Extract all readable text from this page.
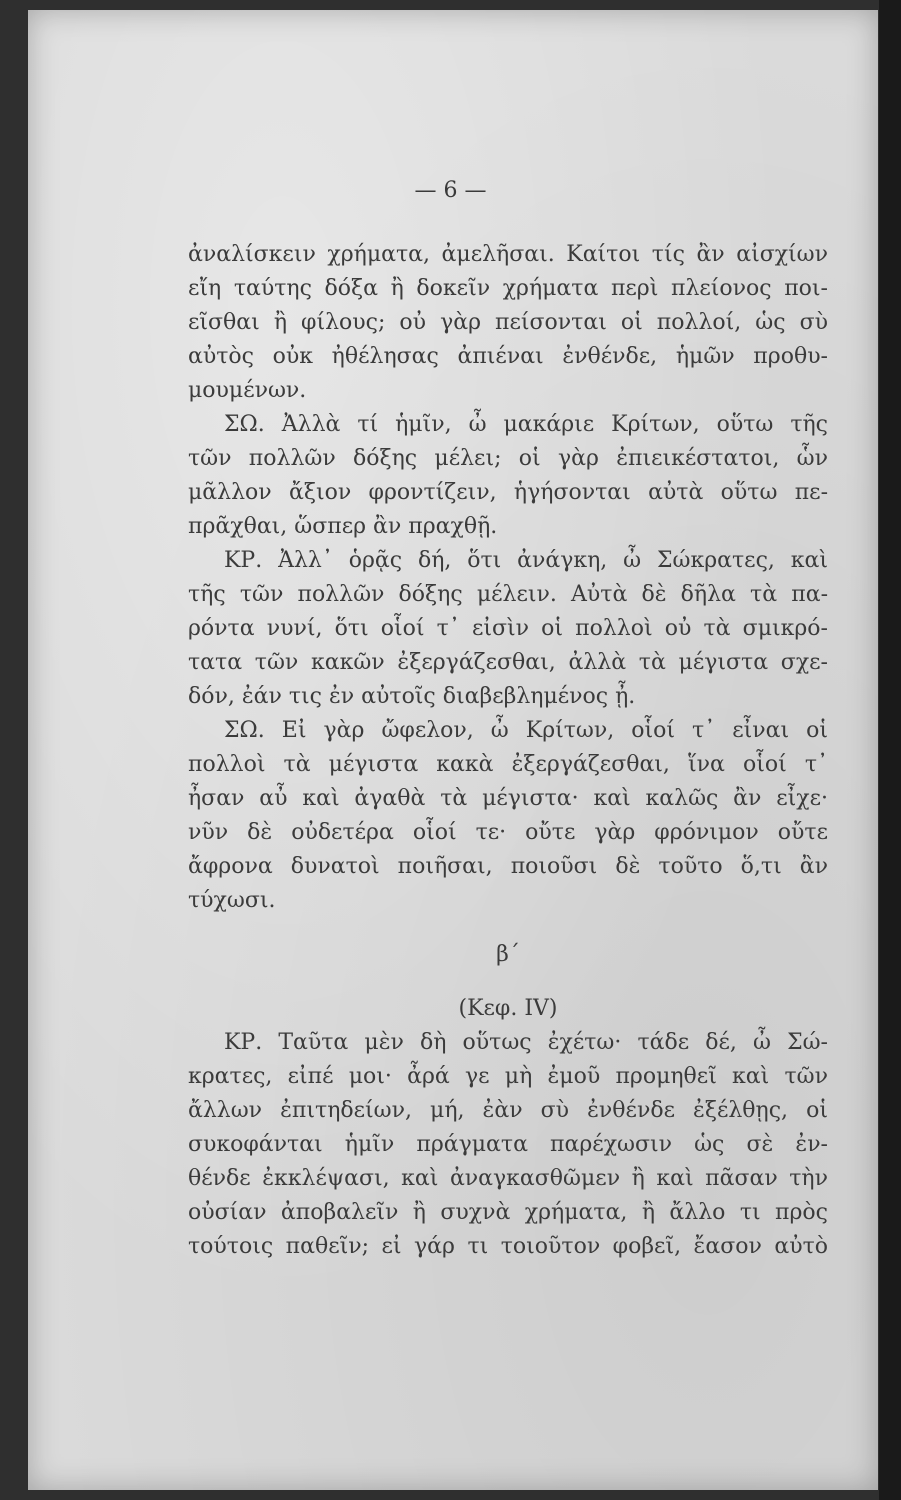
— 6 —
ἀναλίσκειν χρήματα, ἀμελῆσαι. Καίτοι τίς ἂν αἰσχίων
εἴη ταύτης δόξα ἢ δοκεῖν χρήματα περὶ πλείονος ποι-
εῖσθαι ἢ φίλους; οὐ γὰρ πείσονται οἱ πολλοί, ὡς σὺ
αὐτὸς οὐκ ἠθέλησας ἀπιέναι ἐνθένδε, ἡμῶν προθυ-
μουμένων.
ΣΩ. Ἀλλὰ τί ἡμῖν, ὦ μακάριε Κρίτων, οὕτω τῆς
τῶν πολλῶν δόξης μέλει; οἱ γὰρ ἐπιεικέστατοι, ὧν
μᾶλλον ἄξιον φροντίζειν, ἡγήσονται αὐτὰ οὕτω πε-
πρᾶχθαι, ὥσπερ ἂν πραχθῇ.
ΚΡ. Ἀλλ᾽ ὁρᾷς δή, ὅτι ἀνάγκη, ὦ Σώκρατες, καὶ
τῆς τῶν πολλῶν δόξης μέλειν. Αὐτὰ δὲ δῆλα τὰ πα-
ρόντα νυνί, ὅτι οἷοί τ᾽ εἰσὶν οἱ πολλοὶ οὐ τὰ σμικρό-
τατα τῶν κακῶν ἐξεργάζεσθαι, ἀλλὰ τὰ μέγιστα σχε-
δόν, ἐάν τις ἐν αὐτοῖς διαβεβλημένος ᾖ.
ΣΩ. Εἰ γὰρ ὤφελον, ὦ Κρίτων, οἷοί τ᾽ εἶναι οἱ
πολλοὶ τὰ μέγιστα κακὰ ἐξεργάζεσθαι, ἵνα οἷοί τ᾽
ἦσαν αὖ καὶ ἀγαθὰ τὰ μέγιστα· καὶ καλῶς ἂν εἶχε·
νῦν δὲ οὐδετέρα οἷοί τε· οὔτε γὰρ φρόνιμον οὔτε
ἄφρονα δυνατοὶ ποιῆσαι, ποιοῦσι δὲ τοῦτο ὅ,τι ἂν
τύχωσι.
β΄
(Κεφ. IV)
ΚΡ. Ταῦτα μὲν δὴ οὕτως ἐχέτω· τάδε δέ, ὦ Σώ-
κρατες, εἰπέ μοι· ἆρά γε μὴ ἐμοῦ προμηθεῖ καὶ τῶν
ἄλλων ἐπιτηδείων, μή, ἐὰν σὺ ἐνθένδε ἐξέλθῃς, οἱ
συκοφάνται ἡμῖν πράγματα παρέχωσιν ὡς σὲ ἐν-
θένδε ἐκκλέψασι, καὶ ἀναγκασθῶμεν ἢ καὶ πᾶσαν τὴν
οὐσίαν ἀποβαλεῖν ἢ συχνὰ χρήματα, ἢ ἄλλο τι πρὸς
τούτοις παθεῖν; εἰ γάρ τι τοιοῦτον φοβεῖ, ἔασον αὐτὸ
